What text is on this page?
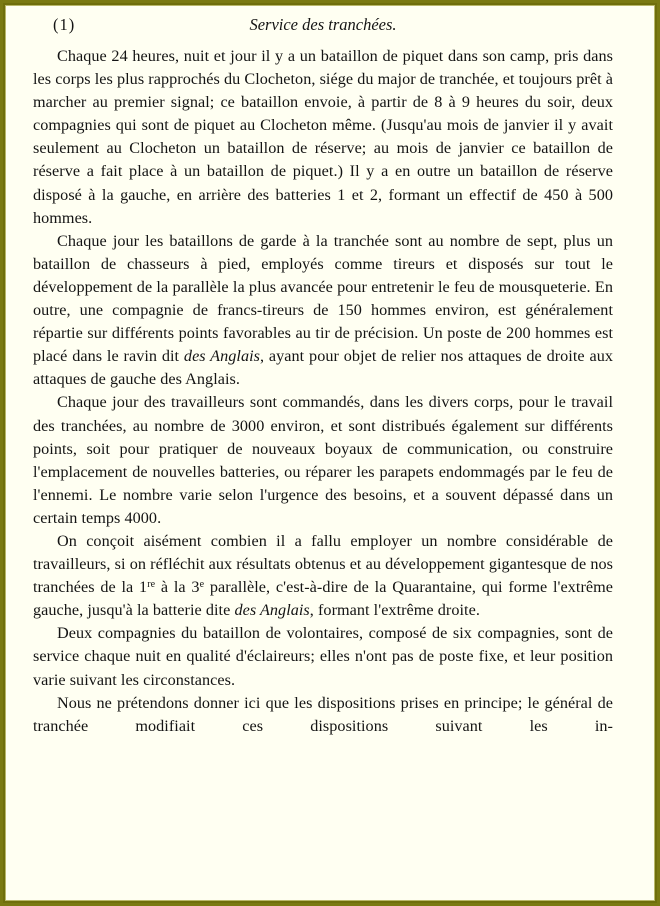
(1)	Service des tranchées.

Chaque 24 heures, nuit et jour il y a un bataillon de piquet dans son camp, pris dans les corps les plus rapprochés du Clocheton, siége du major de tranchée, et toujours prêt à marcher au premier signal; ce bataillon envoie, à partir de 8 à 9 heures du soir, deux compagnies qui sont de piquet au Clocheton même. (Jusqu'au mois de janvier il y avait seulement au Clocheton un bataillon de réserve; au mois de janvier ce bataillon de réserve a fait place à un bataillon de piquet.) Il y a en outre un bataillon de réserve disposé à la gauche, en arrière des batteries 1 et 2, formant un effectif de 450 à 500 hommes.

Chaque jour les bataillons de garde à la tranchée sont au nombre de sept, plus un bataillon de chasseurs à pied, employés comme tireurs et disposés sur tout le développement de la parallèle la plus avancée pour entretenir le feu de mousqueterie. En outre, une compagnie de francs-tireurs de 150 hommes environ, est généralement répartie sur différents points favorables au tir de précision. Un poste de 200 hommes est placé dans le ravin dit des Anglais, ayant pour objet de relier nos attaques de droite aux attaques de gauche des Anglais.

Chaque jour des travailleurs sont commandés, dans les divers corps, pour le travail des tranchées, au nombre de 3000 environ, et sont distribués également sur différents points, soit pour pratiquer de nouveaux boyaux de communication, ou construire l'emplacement de nouvelles batteries, ou réparer les parapets endommagés par le feu de l'ennemi. Le nombre varie selon l'urgence des besoins, et a souvent dépassé dans un certain temps 4000.

On conçoit aisément combien il a fallu employer un nombre considérable de travailleurs, si on réfléchit aux résultats obtenus et au développement gigantesque de nos tranchées de la 1re à la 3e parallèle, c'est-à-dire de la Quarantaine, qui forme l'extrême gauche, jusqu'à la batterie dite des Anglais, formant l'extrême droite.

Deux compagnies du bataillon de volontaires, composé de six compagnies, sont de service chaque nuit en qualité d'éclaireurs; elles n'ont pas de poste fixe, et leur position varie suivant les circonstances.

Nous ne prétendons donner ici que les dispositions prises en principe; le général de tranchée modifiait ces dispositions suivant les in-
